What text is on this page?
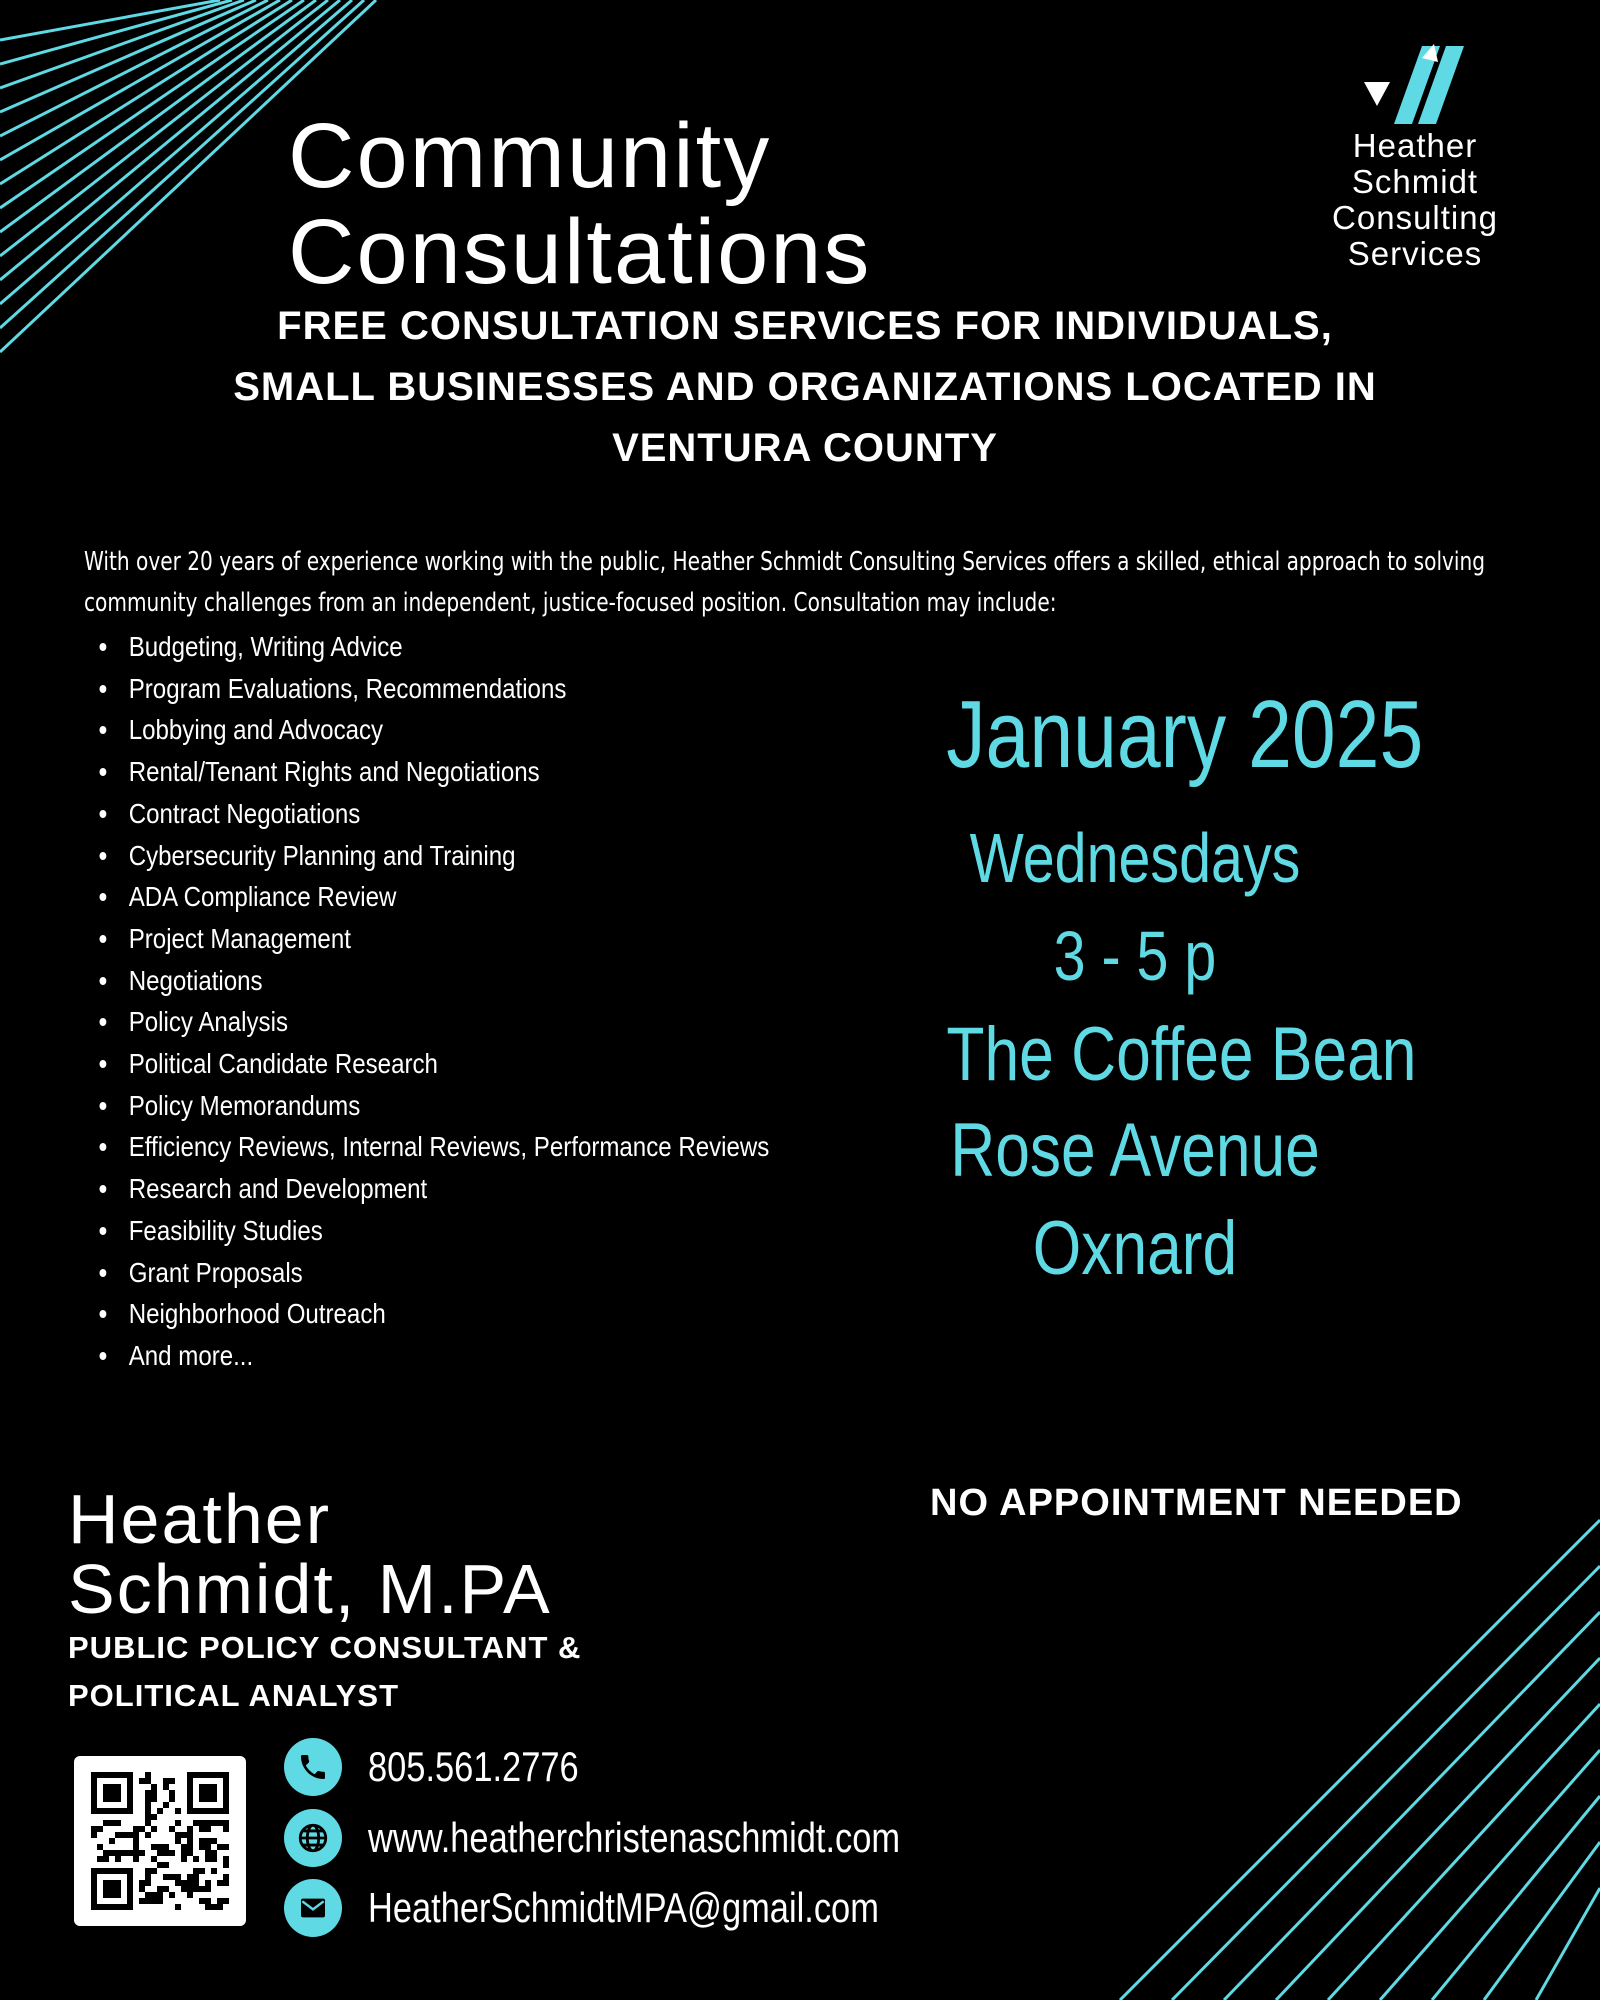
Community
Consultations
Heather
Schmidt
Consulting
Services
FREE CONSULTATION SERVICES FOR INDIVIDUALS,
SMALL BUSINESSES AND ORGANIZATIONS LOCATED IN
VENTURA COUNTY
With over 20 years of experience working with the public, Heather Schmidt Consulting Services offers a skilled, ethical approach to solving community challenges from an independent, justice-focused position. Consultation may include:
Budgeting, Writing Advice
Program Evaluations, Recommendations
Lobbying and Advocacy
Rental/Tenant Rights and Negotiations
Contract Negotiations
Cybersecurity Planning and Training
ADA Compliance Review
Project Management
Negotiations
Policy Analysis
Political Candidate Research
Policy Memorandums
Efficiency Reviews, Internal Reviews, Performance Reviews
Research and Development
Feasibility Studies
Grant Proposals
Neighborhood Outreach
And more...
January 2025
Wednesdays
3 - 5 p
The Coffee Bean
Rose Avenue
Oxnard
NO APPOINTMENT NEEDED
Heather
Schmidt, M.PA
PUBLIC POLICY CONSULTANT &
POLITICAL ANALYST
805.561.2776
www.heatherchristenaschmidt.com
HeatherSchmidtMPA@gmail.com
